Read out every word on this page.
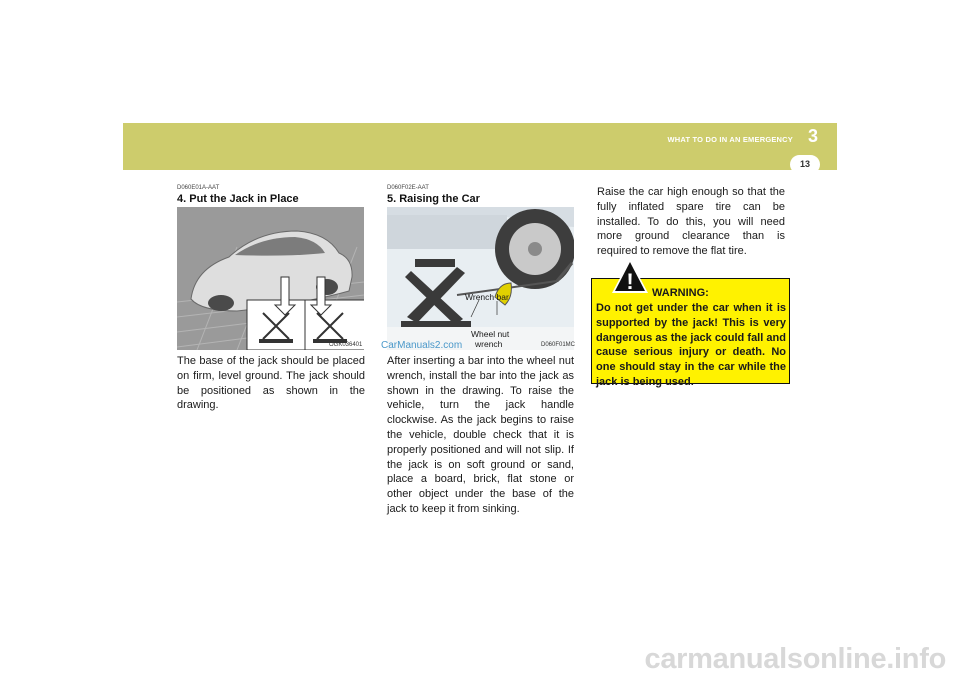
WHAT TO DO IN AN EMERGENCY 3
13
D060E01A-AAT
4. Put the Jack in Place
OGK036401
The base of the jack should be placed on firm, level ground. The jack should be positioned as shown in the drawing.
D060F02E-AAT
5. Raising the Car
D060F01MC
Wrench bar
Wheel nut
wrench
After inserting a bar into the wheel nut wrench, install the bar into the jack as shown in the drawing. To raise the vehicle, turn the jack handle clockwise. As the jack begins to raise the vehicle, double check that it is properly positioned and will not slip. If the jack is on soft ground or sand, place a board, brick, flat stone or other object under the base of the jack to keep it from sinking.
Raise the car high enough so that the fully inflated spare tire can be installed. To do this, you will need more ground clearance than is required to remove the flat tire.
WARNING:
Do not get under the car when it is supported by the jack! This is very dangerous as the jack could fall and cause serious injury or death. No one should stay in the car while the jack is being used.
!
CarManuals2.com
carmanualsonline.info
